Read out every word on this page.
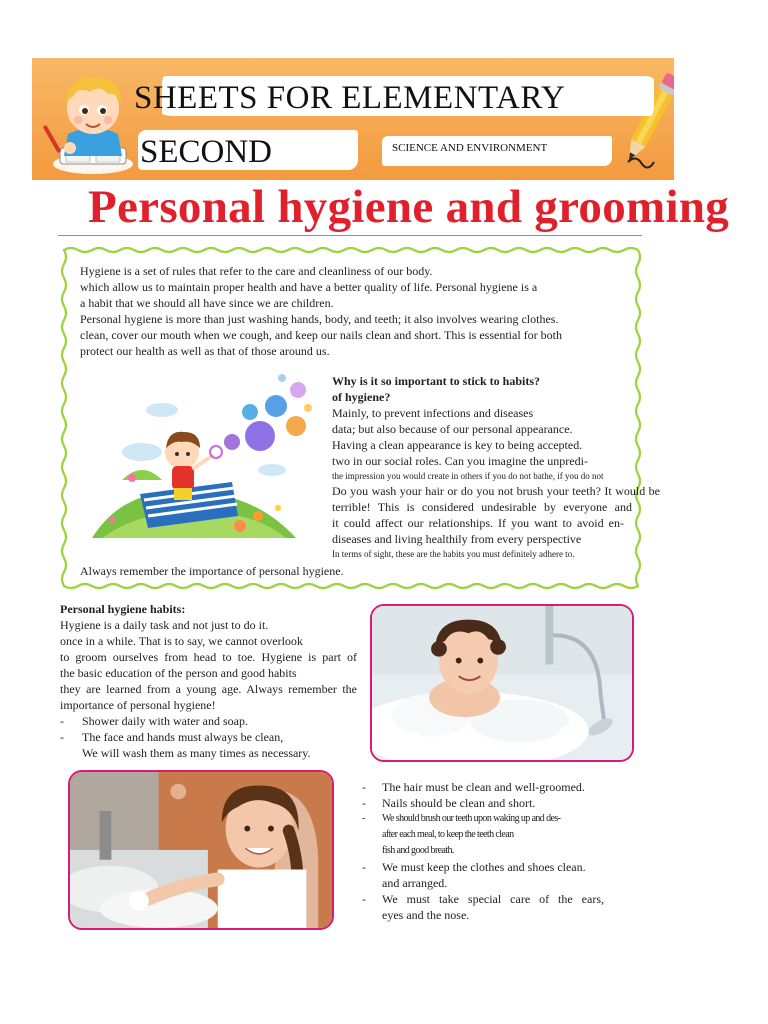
SHEETS FOR ELEMENTARY
SECOND	SCIENCE AND ENVIRONMENT
Personal hygiene and grooming
Hygiene is a set of rules that refer to the care and cleanliness of our body.
which allow us to maintain proper health and have a better quality of life. Personal hygiene is a
a habit that we should all have since we are children.
Personal hygiene is more than just washing hands, body, and teeth; it also involves wearing clothes.
clean, cover our mouth when we cough, and keep our nails clean and short. This is essential for both
protect our health as well as that of those around us.
Why is it so important to stick to habits?
of hygiene?
Mainly, to prevent infections and diseases
data; but also because of our personal appearance.
Having a clean appearance is key to being accepted.
two in our social roles. Can you imagine the unpredi-
the impression you would create in others if you do not bathe, if you do not
Do you wash your hair or do you not brush your teeth? It would be
terrible! This is considered undesirable by everyone and
it could affect our relationships. If you want to avoid en-
diseases and living healthily from every perspective
In terms of sight, these are the habits you must definitely adhere to.
Always remember the importance of personal hygiene.
Personal hygiene habits:
Hygiene is a daily task and not just to do it.
once in a while. That is to say, we cannot overlook
to groom ourselves from head to toe. Hygiene is part of
the basic education of the person and good habits
they are learned from a young age. Always remember the
importance of personal hygiene!
- Shower daily with water and soap.
- The face and hands must always be clean,
We will wash them as many times as necessary.
- The hair must be clean and well-groomed.
- Nails should be clean and short.
- We should brush our teeth upon waking up and des-
after each meal, to keep the teeth clean
fish and good breath.
- We must keep the clothes and shoes clean.
and arranged.
- We must take special care of the ears,
eyes and the nose.
